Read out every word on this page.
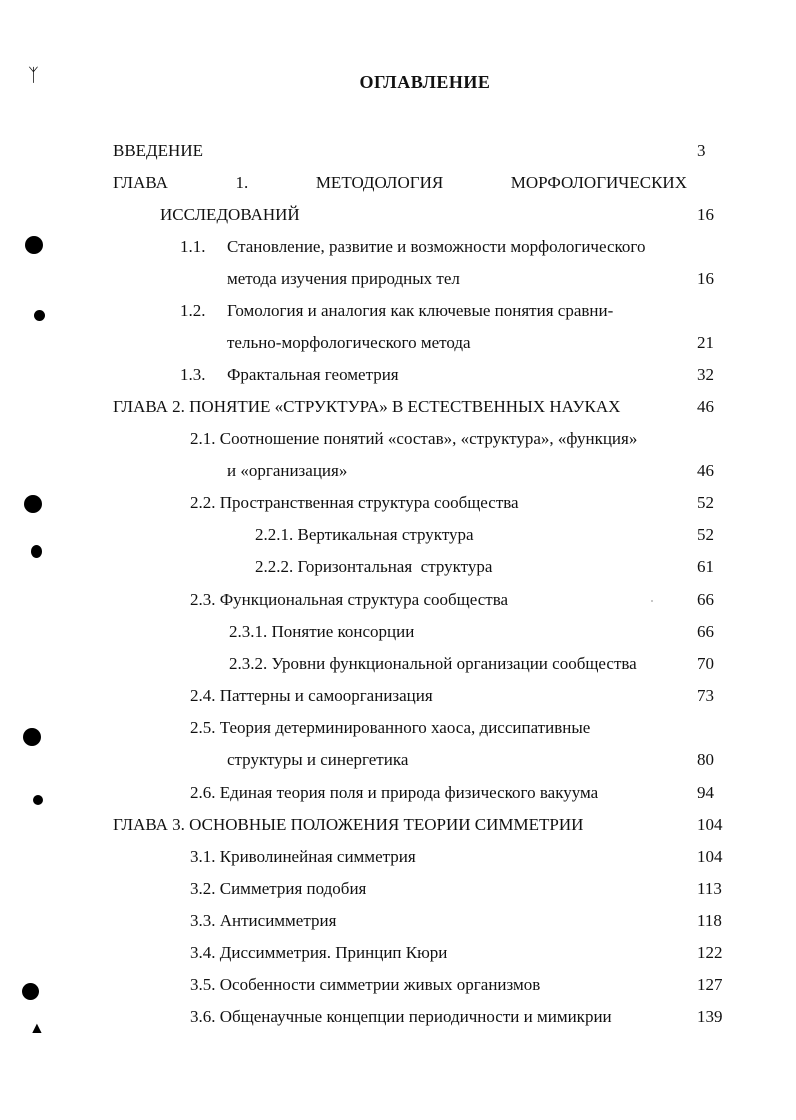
ᛉ
▲
ОГЛАВЛЕНИЕ
ВВЕДЕНИЕ	3
ГЛАВА	1.	МЕТОДОЛОГИЯ	МОРФОЛОГИЧЕСКИХ
ИССЛЕДОВАНИЙ	16
1.1. Становление, развитие и возможности морфологического
метода изучения природных тел	16
1.2. Гомология и аналогия как ключевые понятия сравни-
тельно-морфологического метода	21
1.3. Фрактальная геометрия	32
ГЛАВА 2. ПОНЯТИЕ «СТРУКТУРА» В ЕСТЕСТВЕННЫХ НАУКАХ	46
2.1. Соотношение понятий «состав», «структура», «функция»
и «организация»	46
2.2. Пространственная структура сообщества	52
2.2.1. Вертикальная структура	52
2.2.2. Горизонтальная  структура	61
2.3. Функциональная структура сообщества	66
2.3.1. Понятие консорции	66
2.3.2. Уровни функциональной организации сообщества	70
2.4. Паттерны и самоорганизация	73
2.5. Теория детерминированного хаоса, диссипативные
структуры и синергетика	80
2.6. Единая теория поля и природа физического вакуума	94
ГЛАВА 3. ОСНОВНЫЕ ПОЛОЖЕНИЯ ТЕОРИИ СИММЕТРИИ	104
3.1. Криволинейная симметрия	104
3.2. Симметрия подобия	113
3.3. Антисимметрия	118
3.4. Диссимметрия. Принцип Кюри	122
3.5. Особенности симметрии живых организмов	127
3.6. Общенаучные концепции периодичности и мимикрии	139
